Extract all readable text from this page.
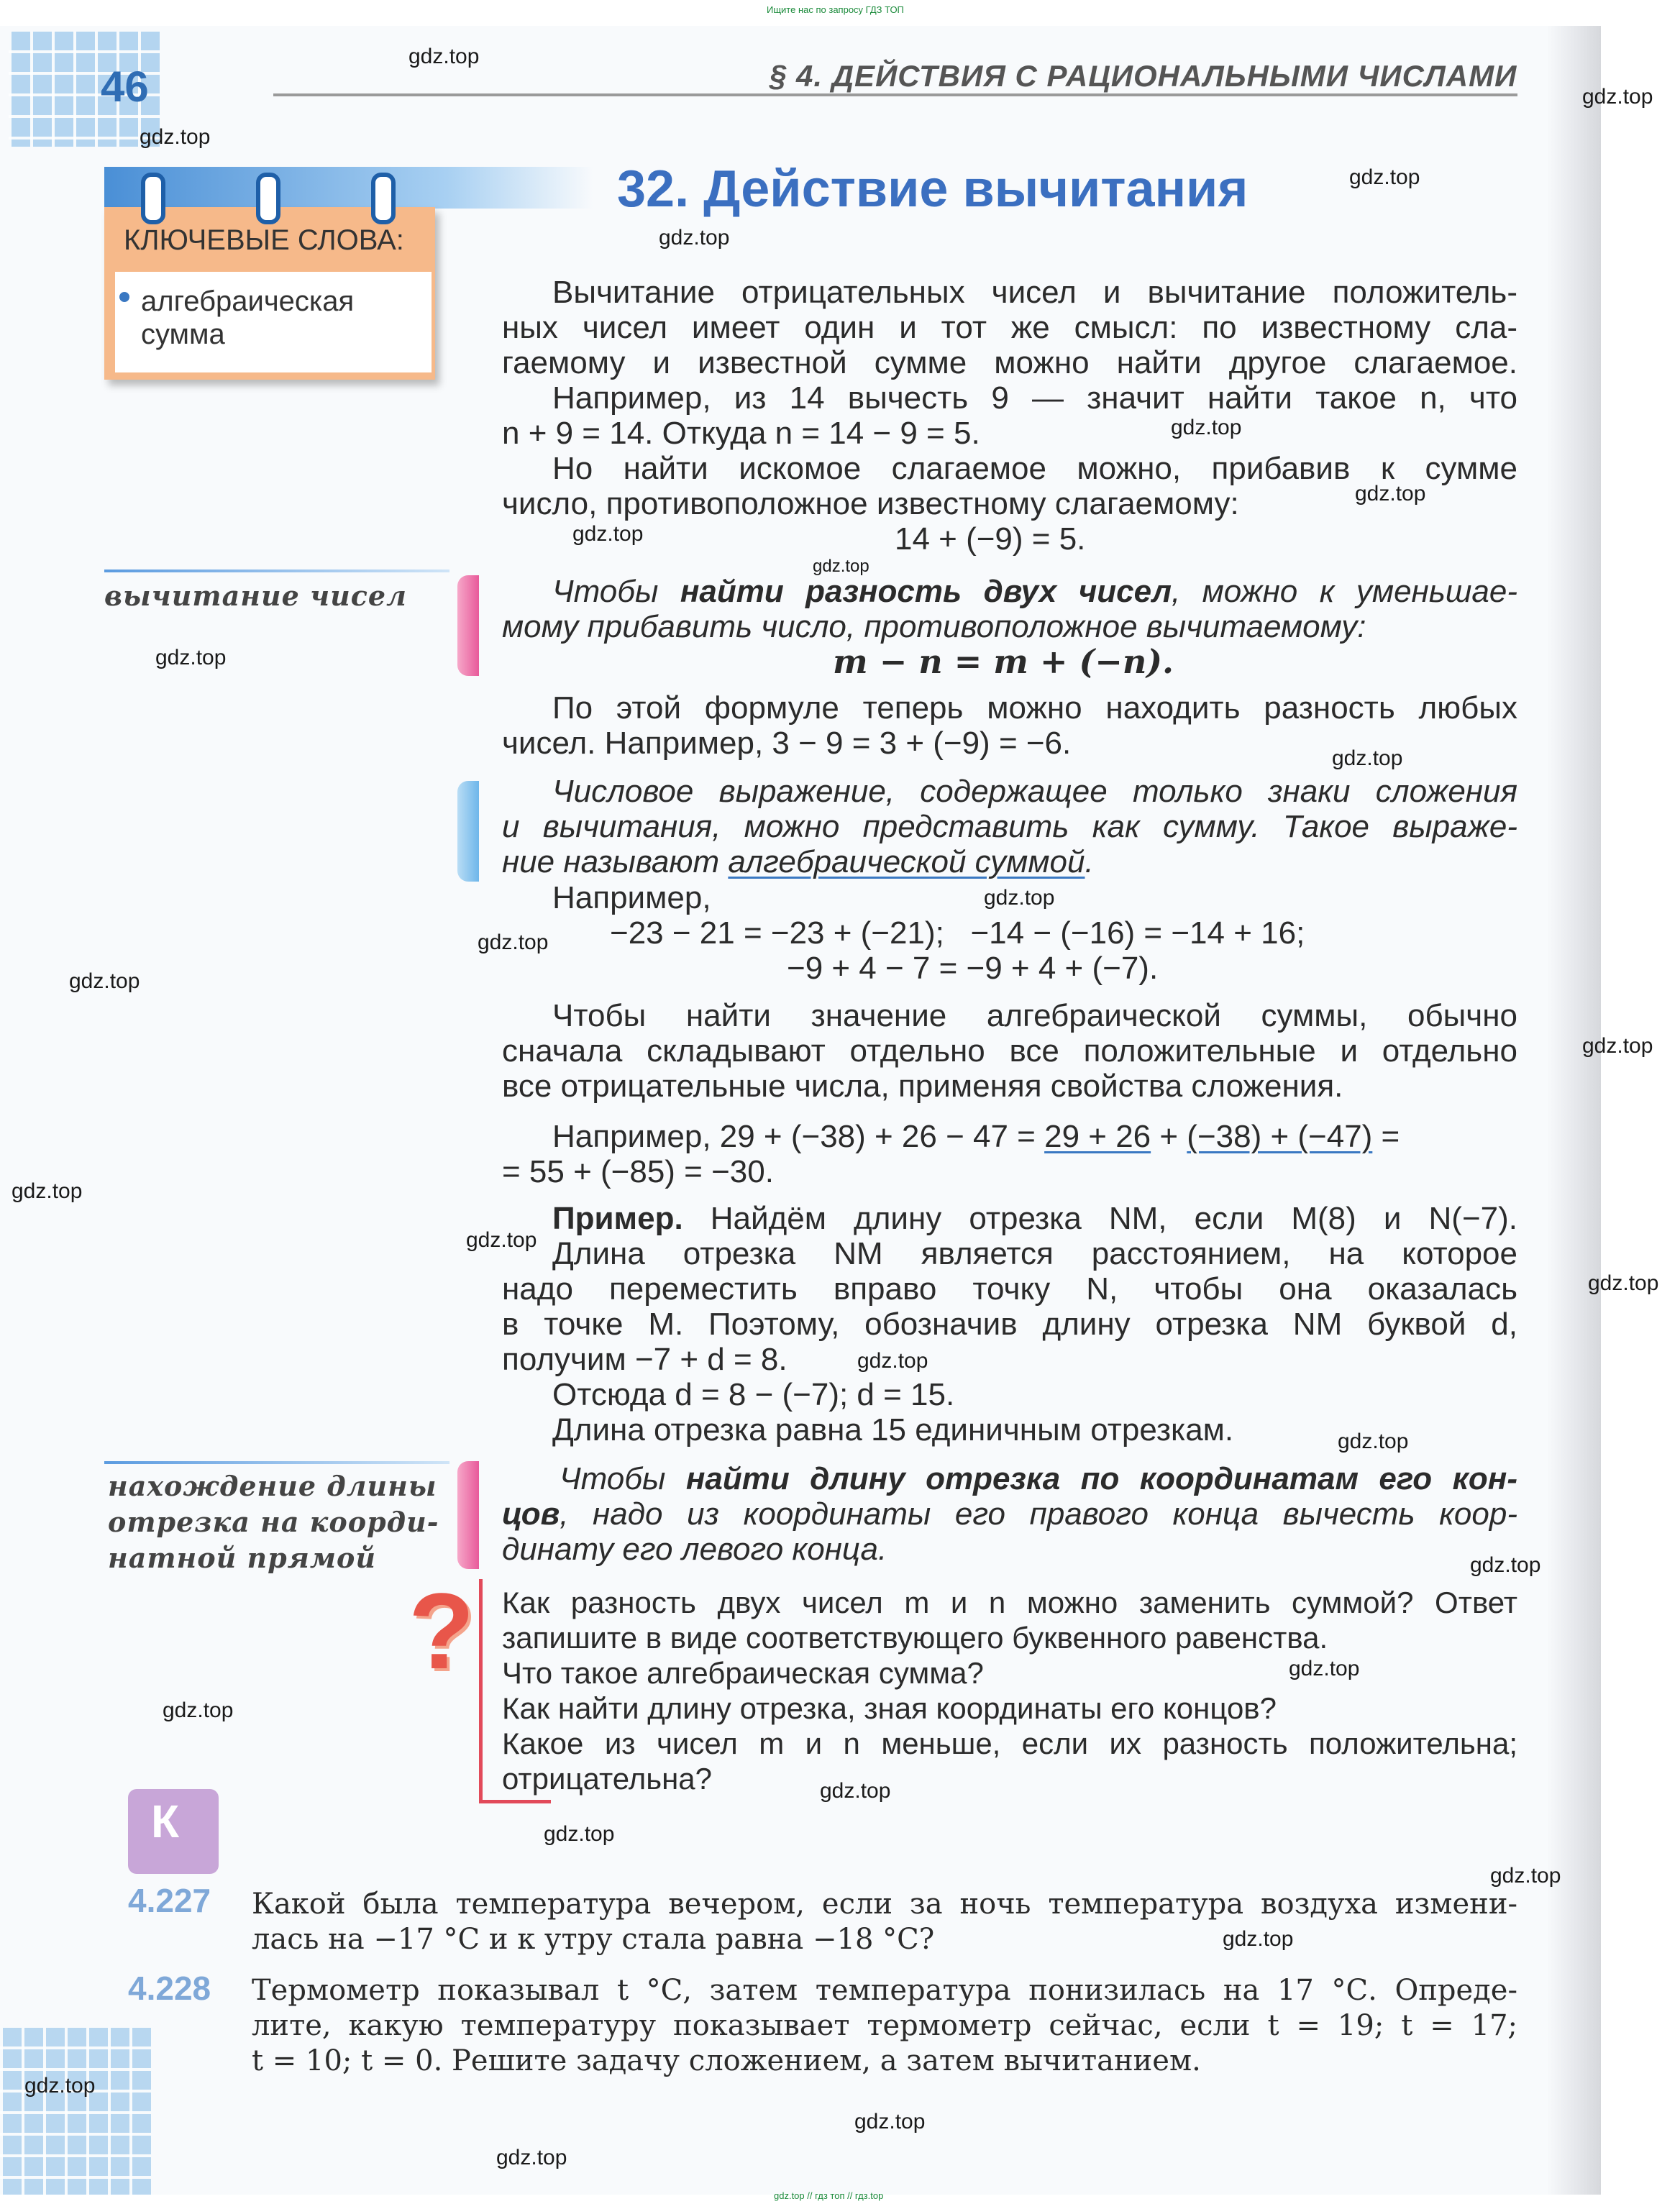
Ищите нас по запросу ГДЗ ТОП
gdz.top // гдз топ // гдз.top
46	§ 4. ДЕЙСТВИЯ С РАЦИОНАЛЬНЫМИ ЧИСЛАМИ
КЛЮЧЕВЫЕ СЛОВА:
алгебраическая сумма
32. Действие вычитания
Вычитание отрицательных чисел и вычитание положитель-
ных чисел имеет один и тот же смысл: по известному сла-
гаемому и известной сумме можно найти другое слагаемое.
Например, из 14 вычесть 9 — значит найти такое n, что
n + 9 = 14. Откуда n = 14 − 9 = 5.
Но найти искомое слагаемое можно, прибавив к сумме
число, противоположное известному слагаемому:
14 + (−9) = 5.
вычитание чисел	Чтобы найти разность двух чисел, можно к уменьшае-
мому прибавить число, противоположное вычитаемому:
m − n = m + (−n).
По этой формуле теперь можно находить разность любых
чисел. Например, 3 − 9 = 3 + (−9) = −6.
Числовое выражение, содержащее только знаки сложения
и вычитания, можно представить как сумму. Такое выраже-
ние называют алгебраической суммой.
Например,
−23 − 21 = −23 + (−21);   −14 − (−16) = −14 + 16;
−9 + 4 − 7 = −9 + 4 + (−7).
Чтобы найти значение алгебраической суммы, обычно
сначала складывают отдельно все положительные и отдельно
все отрицательные числа, применяя свойства сложения.
Например, 29 + (−38) + 26 − 47 = 29 + 26 + (−38) + (−47) =
= 55 + (−85) = −30.
Пример. Найдём длину отрезка NM, если M(8) и N(−7).
Длина отрезка NM является расстоянием, на которое
надо переместить вправо точку N, чтобы она оказалась
в точке M. Поэтому, обозначив длину отрезка NM буквой d,
получим −7 + d = 8.
Отсюда d = 8 − (−7); d = 15.
Длина отрезка равна 15 единичным отрезкам.
нахождение длины
отрезка на коорди-
натной прямой
Чтобы найти длину отрезка по координатам его кон-
цов, надо из координаты его правого конца вычесть коор-
динату его левого конца.
? Как разность двух чисел m и n можно заменить суммой? Ответ
запишите в виде соответствующего буквенного равенства.
Что такое алгебраическая сумма?
Как найти длину отрезка, зная координаты его концов?
Какое из чисел m и n меньше, если их разность положительна;
отрицательна?
К
4.227 Какой была температура вечером, если за ночь температура воздуха измени-
лась на −17 °С и к утру стала равна −18 °С?
4.228 Термометр показывал t °С, затем температура понизилась на 17 °С. Опреде-
лите, какую температуру показывает термометр сейчас, если t = 19; t = 17;
t = 10; t = 0. Решите задачу сложением, а затем вычитанием.
gdz.top
gdz.top
gdz.top
gdz.top
gdz.top
gdz.top
gdz.top
gdz.top
gdz.top
gdz.top
gdz.top
gdz.top
gdz.top
gdz.top
gdz.top
gdz.top
gdz.top
gdz.top
gdz.top
gdz.top
gdz.top
gdz.top
gdz.top
gdz.top
gdz.top
gdz.top
gdz.top
gdz.top
gdz.top
gdz.top
